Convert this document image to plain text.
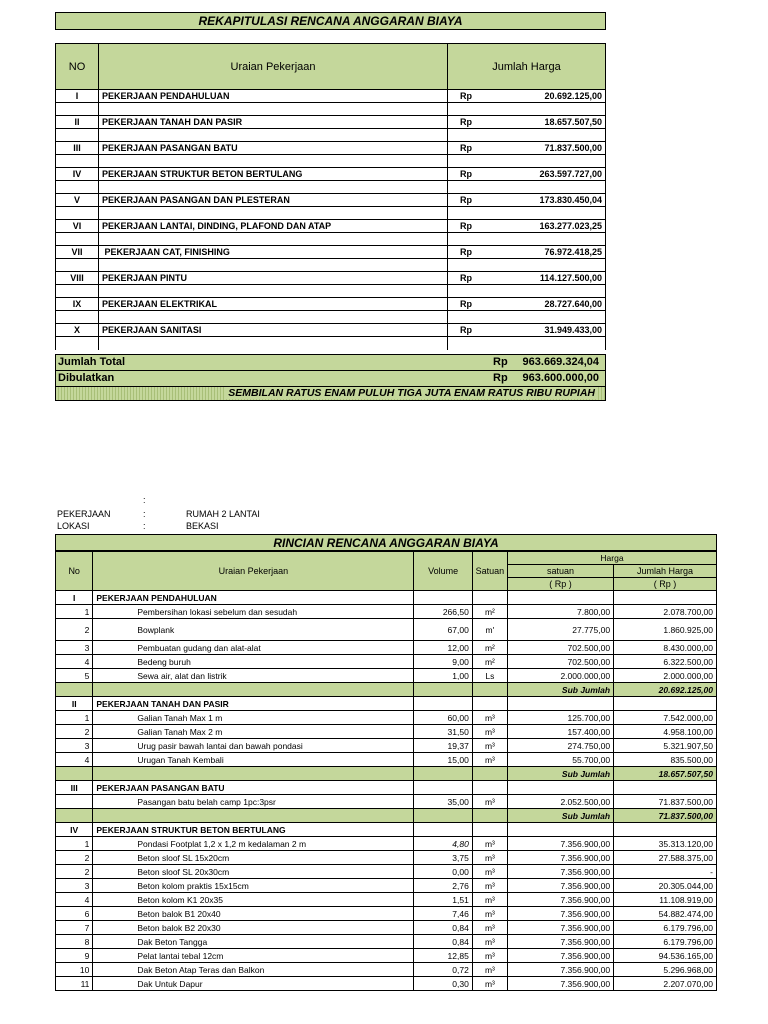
REKAPITULASI RENCANA ANGGARAN BIAYA
NO	Uraian Pekerjaan	Jumlah Harga	
I	PEKERJAAN PENDAHULUAN	Rp	20.692.125,00

II	PEKERJAAN TANAH DAN PASIR	Rp	18.657.507,50

III	PEKERJAAN PASANGAN BATU	Rp	71.837.500,00

IV	PEKERJAAN STRUKTUR BETON BERTULANG	Rp	263.597.727,00

V	PEKERJAAN PASANGAN DAN PLESTERAN	Rp	173.830.450,04

VI	PEKERJAAN LANTAI, DINDING, PLAFOND DAN ATAP	Rp	163.277.023,25

VII	PEKERJAAN CAT, FINISHING	Rp	76.972.418,25

VIII	PEKERJAAN PINTU	Rp	114.127.500,00

IX	PEKERJAAN ELEKTRIKAL	Rp	28.727.640,00

X	PEKERJAAN SANITASI	Rp	31.949.433,00

Jumlah Total	Rp 963.669.324,04
Dibulatkan	Rp 963.600.000,00
SEMBILAN RATUS ENAM PULUH TIGA JUTA ENAM RATUS RIBU RUPIAH
:
PEKERJAAN	:	RUMAH 2 LANTAI
LOKASI	:	BEKASI
RINCIAN RENCANA ANGGARAN BIAYA
No	Uraian Pekerjaan	Volume	Satuan	Harga	
				satuan	Jumlah Harga
				( Rp )	( Rp )
I	PEKERJAAN PENDAHULUAN				
1	Pembersihan lokasi sebelum dan sesudah	266,50	m²	7.800,00	2.078.700,00
2	Bowplank	67,00	m'	27.775,00	1.860.925,00
3	Pembuatan gudang dan alat-alat	12,00	m²	702.500,00	8.430.000,00
4	Bedeng buruh	9,00	m²	702.500,00	6.322.500,00
5	Sewa air, alat dan listrik	1,00	Ls	2.000.000,00	2.000.000,00
				Sub Jumlah	20.692.125,00
II	PEKERJAAN TANAH DAN PASIR				
1	Galian Tanah Max 1 m	60,00	m³	125.700,00	7.542.000,00
2	Galian Tanah Max 2 m	31,50	m³	157.400,00	4.958.100,00
3	Urug pasir bawah lantai dan bawah pondasi	19,37	m³	274.750,00	5.321.907,50
4	Urugan Tanah Kembali	15,00	m³	55.700,00	835.500,00
				Sub Jumlah	18.657.507,50
III	PEKERJAAN PASANGAN BATU				
	Pasangan batu belah camp 1pc:3psr	35,00	m³	2.052.500,00	71.837.500,00
				Sub Jumlah	71.837.500,00
IV	PEKERJAAN STRUKTUR BETON BERTULANG				
1	Pondasi Footplat 1,2 x 1,2 m kedalaman 2 m	4,80	m³	7.356.900,00	35.313.120,00
2	Beton sloof SL 15x20cm	3,75	m³	7.356.900,00	27.588.375,00
2	Beton sloof SL 20x30cm	0,00	m³	7.356.900,00	-
3	Beton kolom praktis 15x15cm	2,76	m³	7.356.900,00	20.305.044,00
4	Beton kolom K1 20x35	1,51	m³	7.356.900,00	11.108.919,00
6	Beton balok B1 20x40	7,46	m³	7.356.900,00	54.882.474,00
7	Beton balok B2 20x30	0,84	m³	7.356.900,00	6.179.796,00
8	Dak Beton Tangga	0,84	m³	7.356.900,00	6.179.796,00
9	Pelat lantai tebal 12cm	12,85	m³	7.356.900,00	94.536.165,00
10	Dak Beton Atap Teras dan Balkon	0,72	m³	7.356.900,00	5.296.968,00
11	Dak Untuk Dapur	0,30	m³	7.356.900,00	2.207.070,00
